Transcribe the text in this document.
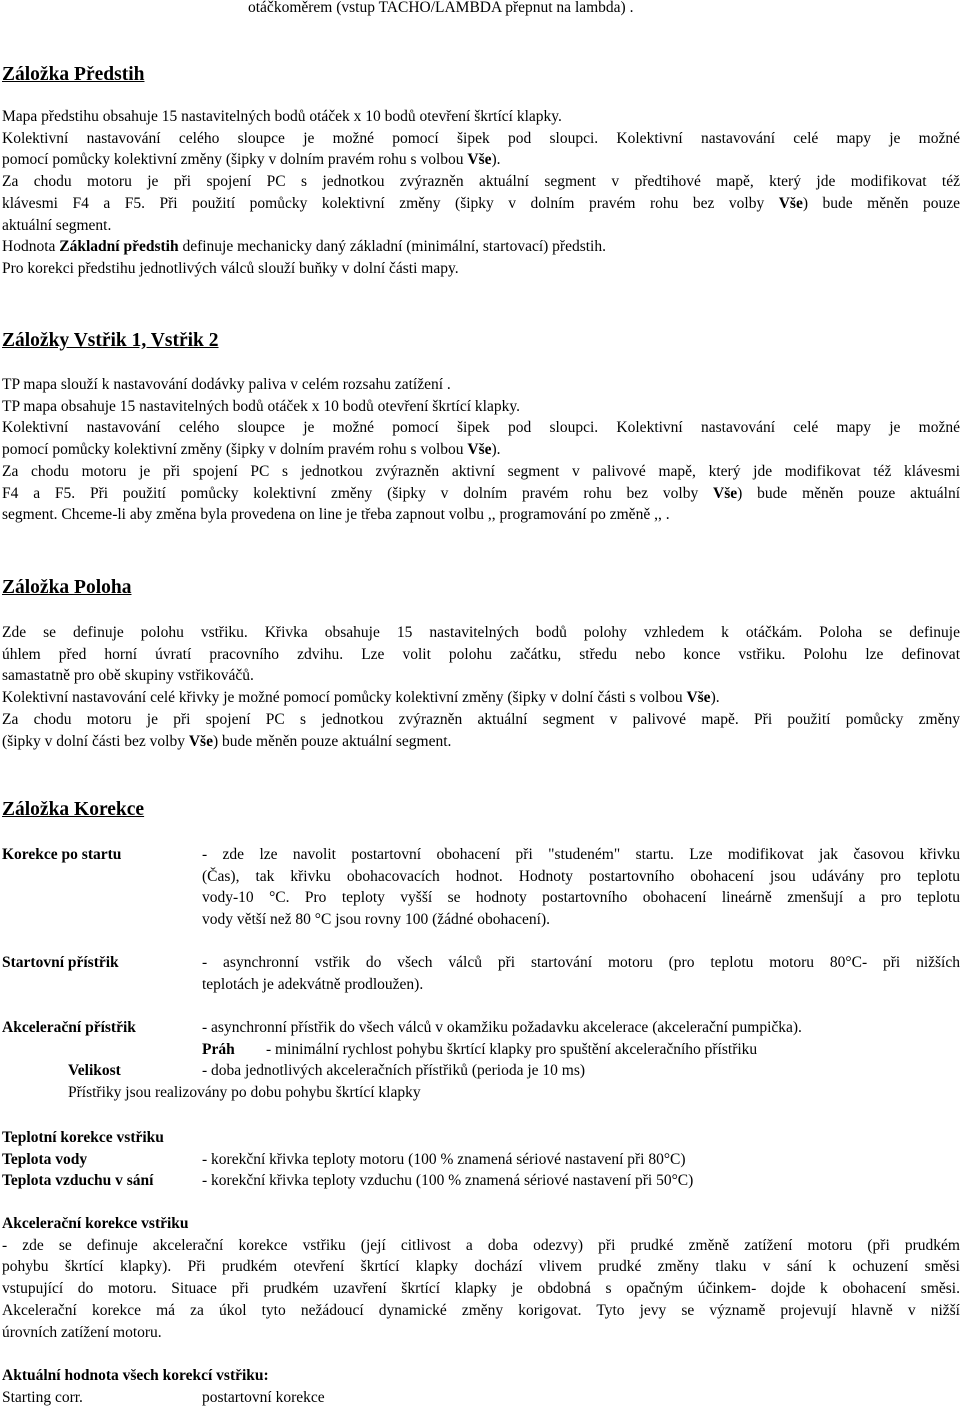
otáčkoměrem (vstup TACHO/LAMBDA přepnut na lambda) .
Záložka Předstih
Mapa předstihu obsahuje 15 nastavitelných bodů otáček x 10 bodů otevření škrtící klapky.
Kolektivní nastavování celého sloupce je možné pomocí šipek pod sloupci. Kolektivní nastavování celé mapy je možné
pomocí pomůcky kolektivní změny (šipky v dolním pravém rohu s volbou Vše).
Za chodu motoru je při spojení PC s jednotkou zvýrazněn aktuální segment v předtihové mapě, který jde modifikovat též
klávesmi F4 a F5. Při použití pomůcky kolektivní změny (šipky v dolním pravém rohu bez volby Vše) bude měněn pouze
aktuální segment.
Hodnota Základní předstih definuje mechanicky daný základní (minimální, startovací) předstih.
Pro korekci předstihu jednotlivých válců slouží buňky v dolní části mapy.
Záložky Vstřik 1, Vstřik 2
TP mapa slouží k nastavování dodávky paliva v celém rozsahu zatížení .
TP mapa obsahuje 15 nastavitelných bodů otáček x 10 bodů otevření škrtící klapky.
Kolektivní nastavování celého sloupce je možné pomocí šipek pod sloupci. Kolektivní nastavování celé mapy je možné
pomocí pomůcky kolektivní změny (šipky v dolním pravém rohu s volbou Vše).
Za chodu motoru je při spojení PC s jednotkou zvýrazněn aktivní segment v palivové mapě, který jde modifikovat též klávesmi
F4 a F5. Při použití pomůcky kolektivní změny (šipky v dolním pravém rohu bez volby Vše) bude měněn pouze aktuální
segment. Chceme-li aby změna byla provedena on line je třeba zapnout volbu ,, programování po změně ,, .
Záložka Poloha
Zde se definuje polohu vstřiku. Křivka obsahuje 15 nastavitelných bodů polohy vzhledem k otáčkám. Poloha se definuje
úhlem před horní úvratí pracovního zdvihu. Lze volit polohu začátku, středu nebo konce vstřiku. Polohu lze definovat
samastatně pro obě skupiny vstřikováčů.
Kolektivní nastavování celé křivky je možné pomocí pomůcky kolektivní změny (šipky v dolní části s volbou Vše).
Za chodu motoru je při spojení PC s jednotkou zvýrazněn aktuální segment v palivové mapě. Při použití pomůcky změny
(šipky v dolní části bez volby Vše) bude měněn pouze aktuální segment.
Záložka Korekce
Korekce po startu	- zde lze navolit postartovní obohacení při "studeném" startu. Lze modifikovat jak časovou křivku
(Čas), tak křivku obohacovacích hodnot. Hodnoty postartovního obohacení jsou udávány pro teplotu
vody-10 °C. Pro teploty vyšší se hodnoty postartovního obohacení lineárně zmenšují a pro teplotu
vody větší než 80 °C jsou rovny 100 (žádné obohacení).
Startovní přístřik	- asynchronní vstřik do všech válců při startování motoru (pro teplotu motoru 80°C- při nižších
teplotách je adekvátně prodloužen).
Akcelerační přístřik	- asynchronní přístřik do všech válců v okamžiku požadavku akcelerace (akcelerační pumpička).
Práh - minimální rychlost pohybu škrtící klapky pro spuštění akceleračního přístřiku
Velikost	- doba jednotlivých akceleračních přístřiků (perioda je 10 ms)
Přístřiky jsou realizovány po dobu pohybu škrtící klapky
Teplotní korekce vstřiku
Teplota vody	- korekční křivka teploty motoru (100 % znamená sériové nastavení při 80°C)
Teplota vzduchu v sání	- korekční křivka teploty vzduchu (100 % znamená sériové nastavení při 50°C)
Akcelerační korekce vstřiku
- zde se definuje akcelerační korekce vstřiku (její citlivost a doba odezvy) při prudké změně zatížení motoru (při prudkém
pohybu škrtící klapky). Při prudkém otevření škrtící klapky dochází vlivem prudké změny tlaku v sání k ochuzení směsi
vstupující do motoru. Situace při prudkém uzavření škrtící klapky je obdobná s opačným účinkem- dojde k obohacení směsi.
Akcelerační korekce má za úkol tyto nežádoucí dynamické změny korigovat. Tyto jevy se významě projevují hlavně v nižší
úrovních zatížení motoru.
Aktuální hodnota všech korekcí vstřiku:
Starting corr.	postartovní korekce
